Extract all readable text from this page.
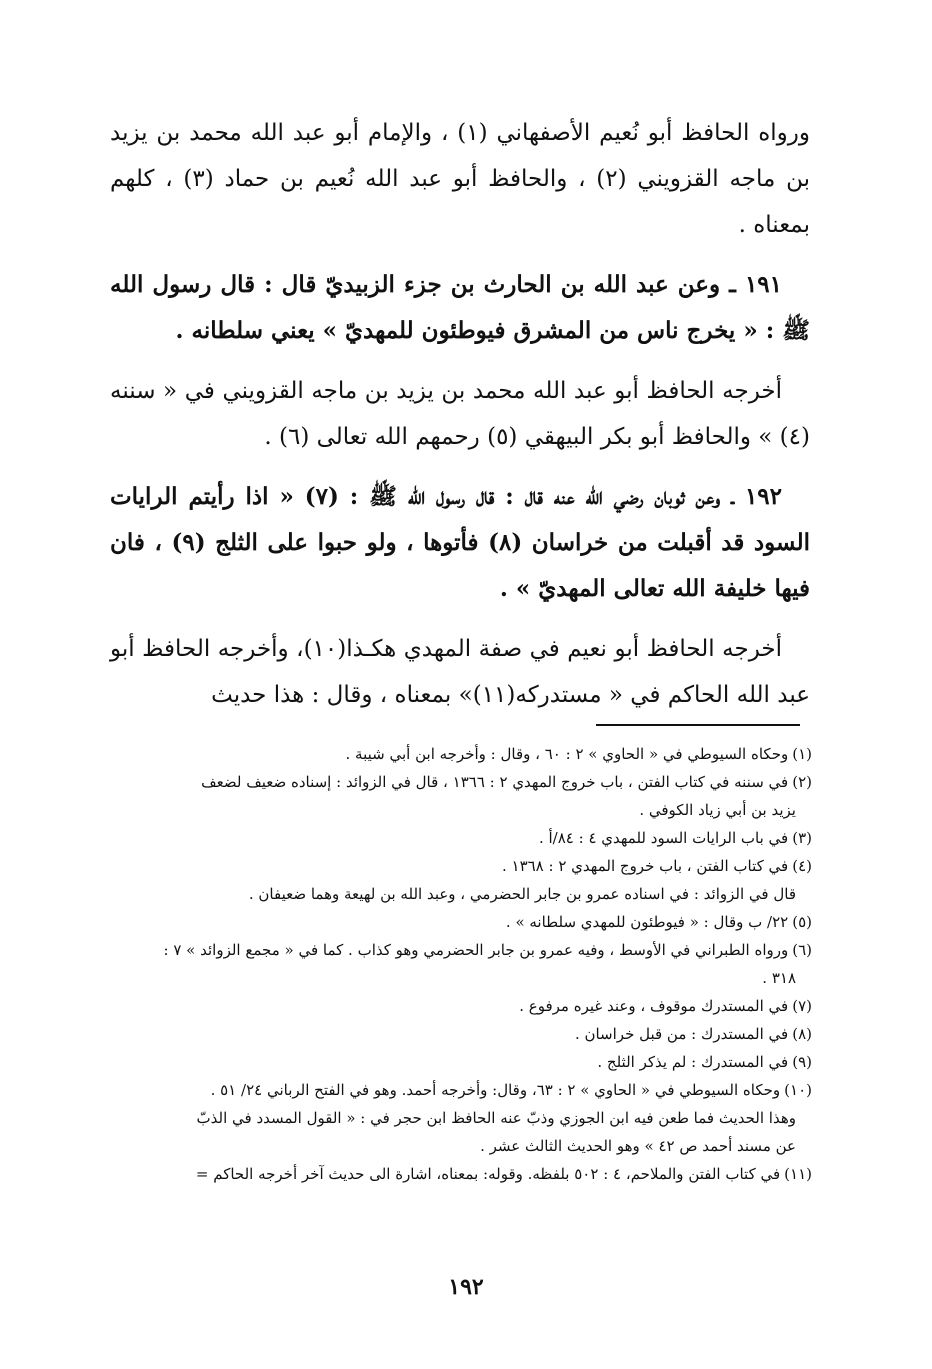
ورواه الحافظ أبو نُعيم الأصفهاني (١) ، والإمام أبو عبد الله محمد بن يزيد بن ماجه القزويني (٢) ، والحافظ أبو عبد الله نُعيم بن حماد (٣) ، كلهم بمعناه .

١٩١ ـ وعن عبد الله بن الحارث بن جزء الزبيديّ قال : قال رسول الله ﷺ : « يخرج ناس من المشرق فيوطئون للمهديّ » يعني سلطانه .

أخرجه الحافظ أبو عبد الله محمد بن يزيد بن ماجه القزويني في « سننه (٤) » والحافظ أبو بكر البيهقي (٥) رحمهم الله تعالى (٦) .

١٩٢ ـ وعن ثوبان رضي الله عنه قال : قال رسول الله ﷺ : (٧) « اذا رأيتم الرايات السود قد أقبلت من خراسان (٨) فأتوها ، ولو حبوا على الثلج (٩) ، فان فيها خليفة الله تعالى المهديّ » .

أخرجه الحافظ أبو نعيم في صفة المهدي هكـذا(١٠)، وأخرجه الحافظ أبو عبد الله الحاكم في « مستدركه(١١)» بمعناه ، وقال : هذا حديث

(١)وحكاه السيوطي في « الحاوي » ٢ : ٦٠ ، وقال : وأخرجه ابن أبي شيبة .

(٢)في سننه في كتاب الفتن ، باب خروج المهدي ٢ : ١٣٦٦ ، قال في الزوائد : إسناده ضعيف لضعف

يزيد بن أبي زياد الكوفي .

(٣)في باب الرايات السود للمهدي ٤ : ٨٤/أ .

(٤)في كتاب الفتن ، باب خروج المهدي ٢ : ١٣٦٨ .

قال في الزوائد : في اسناده عمرو بن جابر الحضرمي ، وعبد الله بن لهيعة وهما ضعيفان .

(٥)٢٢/ ب وقال : « فيوطئون للمهدي سلطانه » .

(٦)ورواه الطبراني في الأوسط ، وفيه عمرو بن جابر الحضرمي وهو كذاب . كما في « مجمع الزوائد » ٧ :

٣١٨ .

(٧)في المستدرك موقوف ، وعند غيره مرفوع .

(٨)في المستدرك : من قبل خراسان .

(٩)في المستدرك : لم يذكر الثلج .

(١٠)وحكاه السيوطي في « الحاوي » ٢ : ٦٣، وقال: وأخرجه أحمد. وهو في الفتح الرباني ٢٤/ ٥١ .

وهذا الحديث فما طعن فيه ابن الجوزي وذبّ عنه الحافظ ابن حجر في : « القول المسدد في الذبّ

عن مسند أحمد ص ٤٢ » وهو الحديث الثالث عشر .

(١١)في كتاب الفتن والملاحم، ٤ : ٥٠٢ بلفظه. وقوله: بمعناه، اشارة الى حديث آخر أخرجه الحاكم =

١٩٢
